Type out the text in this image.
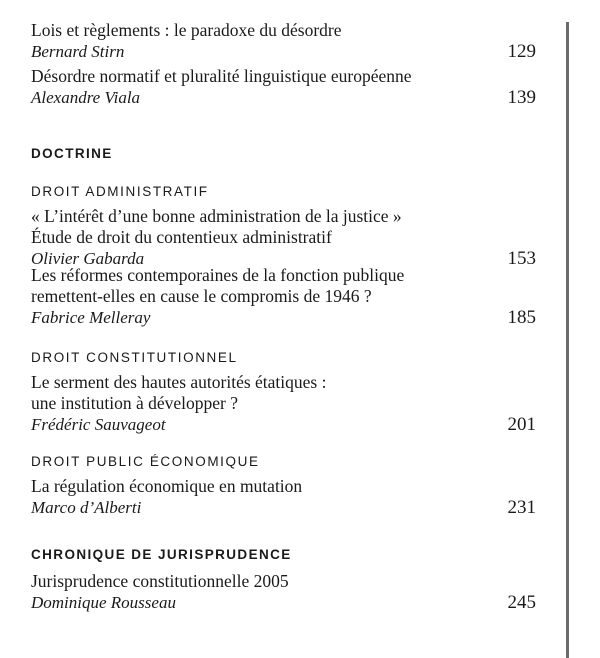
Lois et règlements : le paradoxe du désordre
Bernard Stirn	129
Désordre normatif et pluralité linguistique européenne
Alexandre Viala	139
DOCTRINE
DROIT ADMINISTRATIF
« L’intérêt d’une bonne administration de la justice »
Étude de droit du contentieux administratif
Olivier Gabarda	153
Les réformes contemporaines de la fonction publique
remettent-elles en cause le compromis de 1946 ?
Fabrice Melleray	185
DROIT CONSTITUTIONNEL
Le serment des hautes autorités étatiques :
une institution à développer ?
Frédéric Sauvageot	201
DROIT PUBLIC ÉCONOMIQUE
La régulation économique en mutation
Marco d’Alberti	231
CHRONIQUE DE JURISPRUDENCE
Jurisprudence constitutionnelle 2005
Dominique Rousseau	245
